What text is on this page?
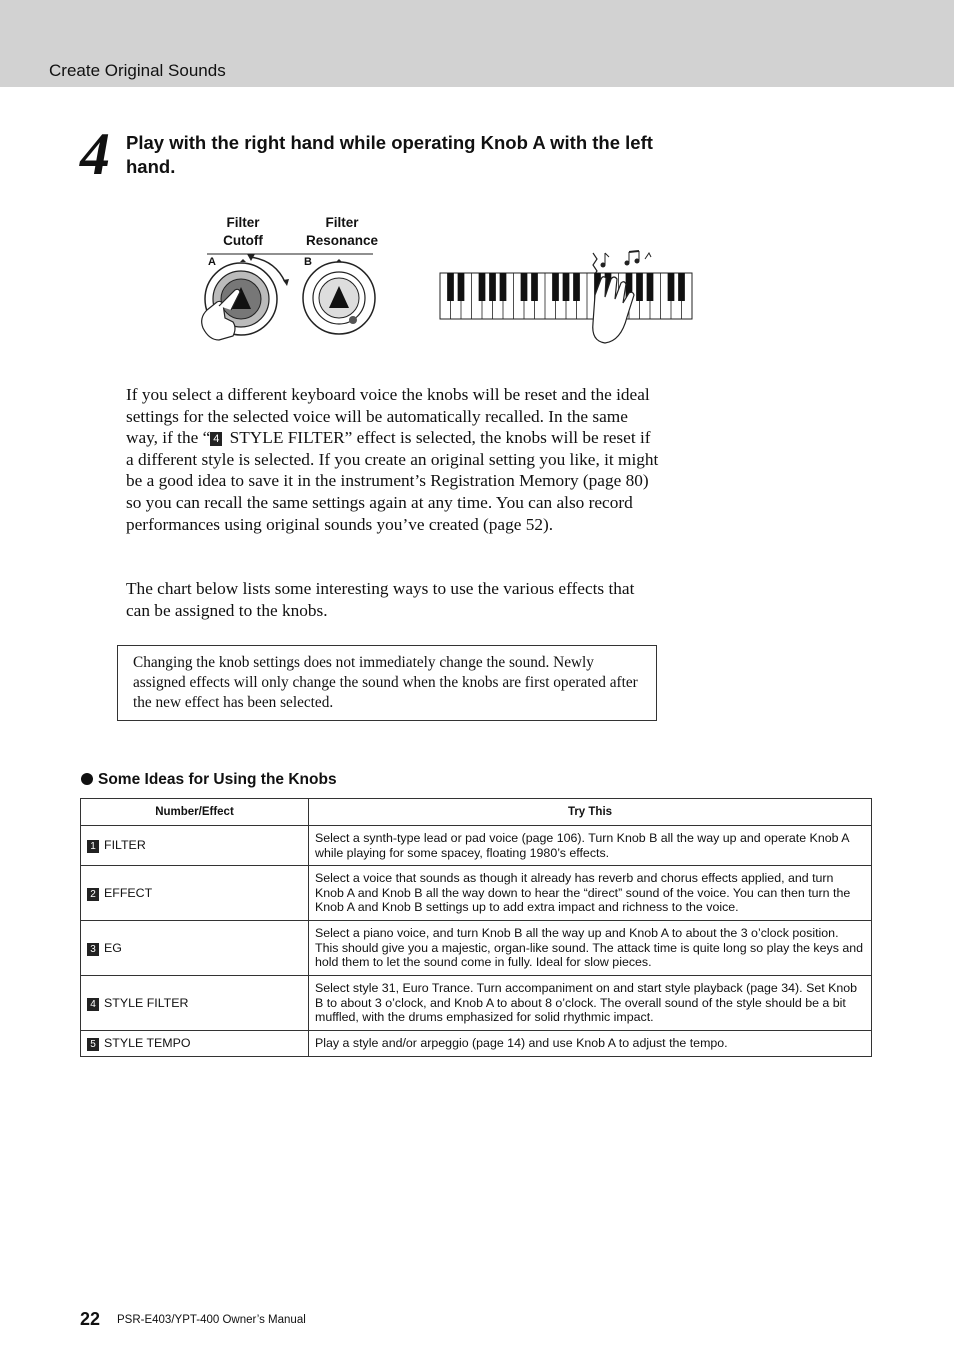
Create Original Sounds
4 Play with the right hand while operating Knob A with the left hand.
Filter
Cutoff
Filter
Resonance
A	B
If you select a different keyboard voice the knobs will be reset and the ideal settings for the selected voice will be automatically recalled. In the same way, if the “ 4 STYLE FILTER” effect is selected, the knobs will be reset if a different style is selected. If you create an original setting you like, it might be a good idea to save it in the instrument’s Registration Memory (page 80) so you can recall the same settings again at any time. You can also record performances using original sounds you’ve created (page 52).
The chart below lists some interesting ways to use the various effects that can be assigned to the knobs.
Changing the knob settings does not immediately change the sound. Newly assigned effects will only change the sound when the knobs are first operated after the new effect has been selected.
Some Ideas for Using the Knobs
Number/Effect	Try This
1 FILTER	Select a synth-type lead or pad voice (page 106). Turn Knob B all the way up and operate Knob A while playing for some spacey, floating 1980’s effects.
2 EFFECT	Select a voice that sounds as though it already has reverb and chorus effects applied, and turn Knob A and Knob B all the way down to hear the “direct” sound of the voice. You can then turn the Knob A and Knob B settings up to add extra impact and richness to the voice.
3 EG	Select a piano voice, and turn Knob B all the way up and Knob A to about the 3 o’clock position. This should give you a majestic, organ-like sound. The attack time is quite long so play the keys and hold them to let the sound come in fully. Ideal for slow pieces.
4 STYLE FILTER	Select style 31, Euro Trance. Turn accompaniment on and start style playback (page 34). Set Knob B to about 3 o’clock, and Knob A to about 8 o’clock. The overall sound of the style should be a bit muffled, with the drums emphasized for solid rhythmic impact.
5 STYLE TEMPO	Play a style and/or arpeggio (page 14) and use Knob A to adjust the tempo.
22 PSR-E403/YPT-400 Owner’s Manual
